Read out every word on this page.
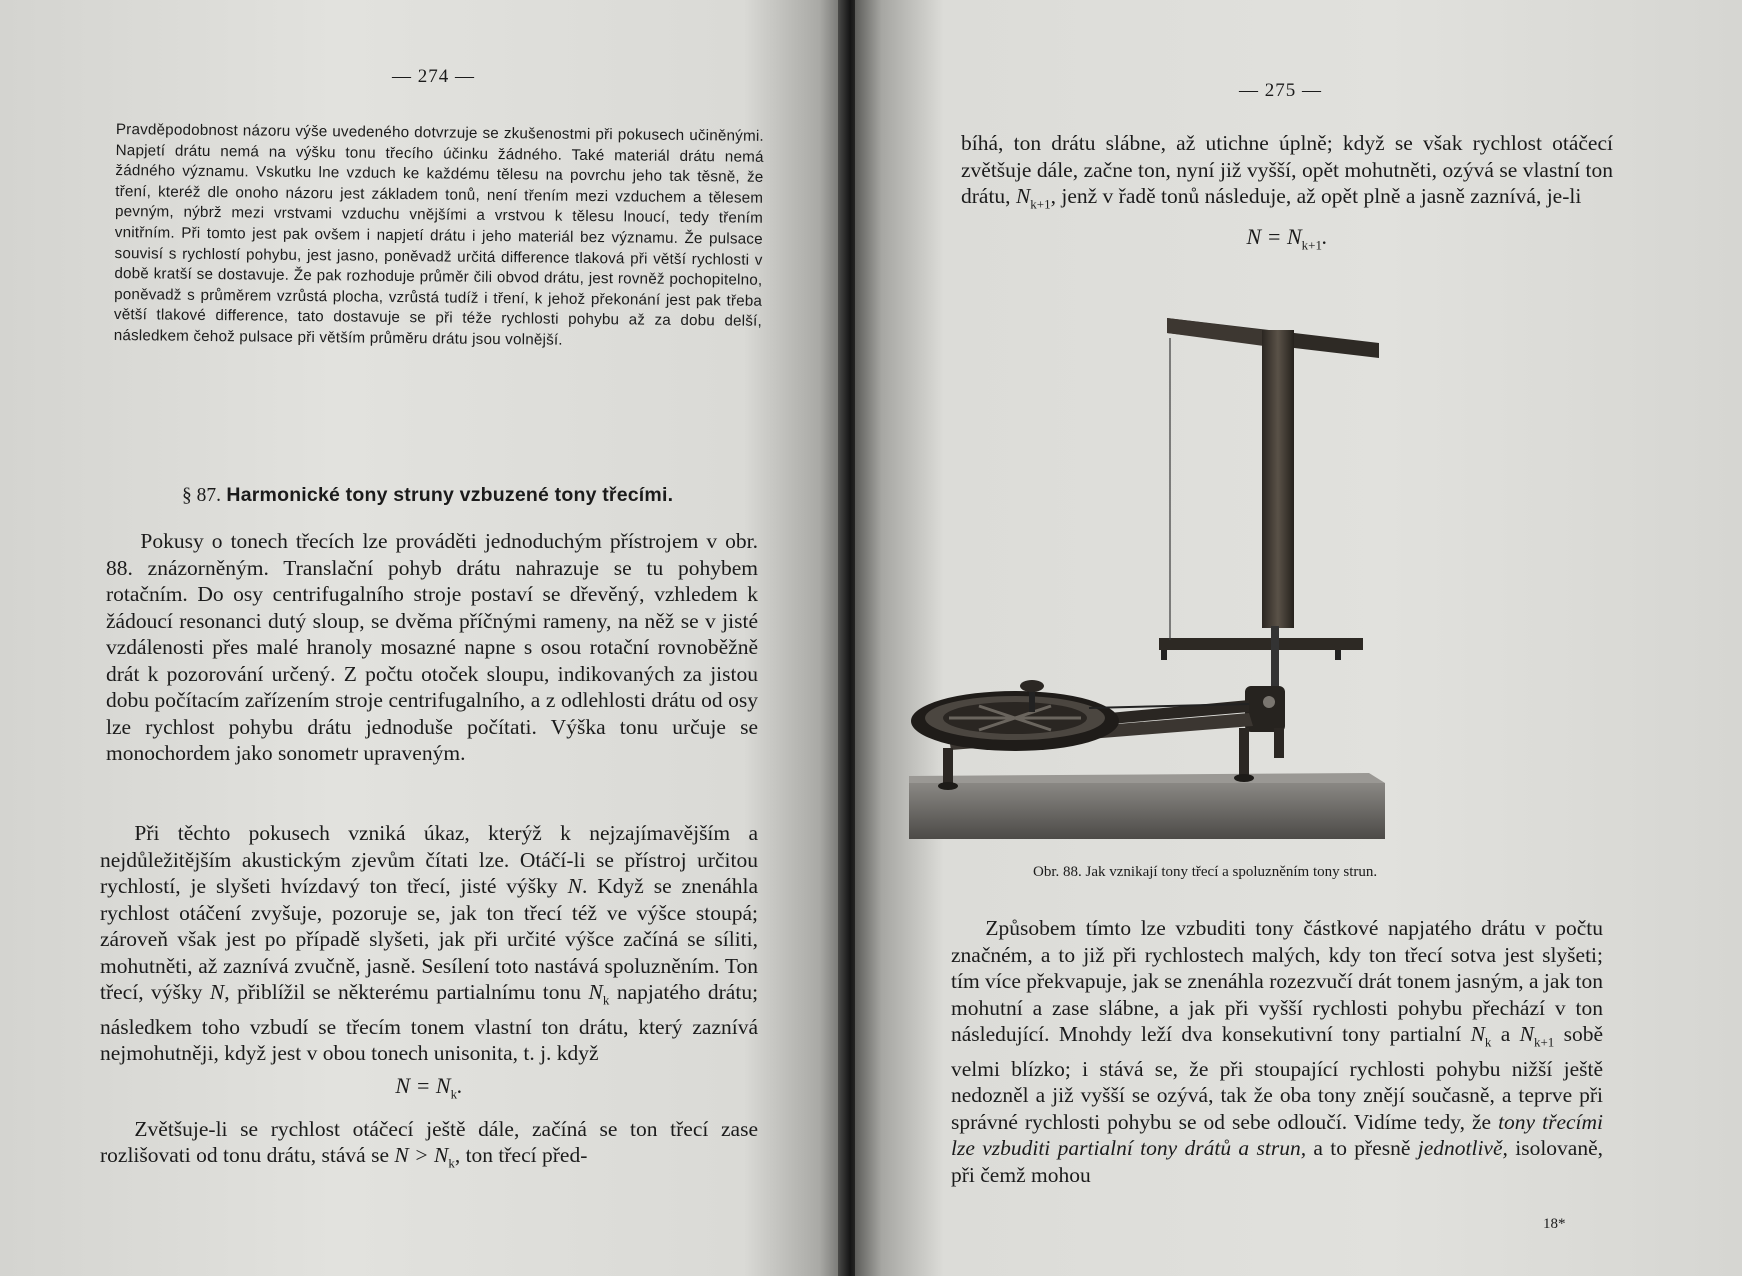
— 274 —
Pravděpodobnost názoru výše uvedeného dotvrzuje se zkušenostmi při pokusech učiněnými. Napjetí drátu nemá na výšku tonu třecího účinku žádného. Také materiál drátu nemá žádného významu. Vskutku lne vzduch ke každému tělesu na povrchu jeho tak těsně, že tření, kteréž dle onoho názoru jest základem tonů, není třením mezi vzduchem a tělesem pevným, nýbrž mezi vrstvami vzduchu vnějšími a vrstvou k tělesu lnoucí, tedy třením vnitřním. Při tomto jest pak ovšem i napjetí drátu i jeho materiál bez významu. Že pulsace souvisí s rychlostí pohybu, jest jasno, poněvadž určitá difference tlaková při větší rychlosti v době kratší se dostavuje. Že pak rozhoduje průměr čili obvod drátu, jest rovněž pochopitelno, poněvadž s průměrem vzrůstá plocha, vzrůstá tudíž i tření, k jehož překonání jest pak třeba větší tlakové difference, tato dostavuje se při téže rychlosti pohybu až za dobu delší, následkem čehož pulsace při větším průměru drátu jsou volnější.
§ 87. Harmonické tony struny vzbuzené tony třecími.

Pokusy o tonech třecích lze prováděti jednoduchým přístrojem v obr. 88. znázorněným. Translační pohyb drátu nahrazuje se tu pohybem rotačním. Do osy centrifugalního stroje postaví se dřevěný, vzhledem k žádoucí resonanci dutý sloup, se dvěma příčnými rameny, na něž se v jisté vzdálenosti přes malé hranoly mosazné napne s osou rotační rovnoběžně drát k pozorování určený. Z počtu otoček sloupu, indikovaných za jistou dobu počítacím zařízením stroje centrifugalního, a z odlehlosti drátu od osy lze rychlost pohybu drátu jednoduše počítati. Výška tonu určuje se monochordem jako sonometr upraveným.

Při těchto pokusech vzniká úkaz, kterýž k nejzajímavějším a nejdůležitějším akustickým zjevům čítati lze. Otáčí-li se přístroj určitou rychlostí, je slyšeti hvízdavý ton třecí, jisté výšky N. Když se znenáhla rychlost otáčení zvyšuje, pozoruje se, jak ton třecí též ve výšce stoupá; zároveň však jest po případě slyšeti, jak při určité výšce začíná se síliti, mohutněti, až zaznívá zvučně, jasně. Sesílení toto nastává spoluzněním. Ton třecí, výšky N, přiblížil se některému partialnímu tonu $N_k$ napjatého drátu; následkem toho vzbudí se třecím tonem vlastní ton drátu, který zaznívá nejmohutněji, když jest v obou tonech unisonita, t. j. když

$N = N_k$.

Zvětšuje-li se rychlost otáčecí ještě dále, začíná se ton třecí zase rozlišovati od tonu drátu, stává se $N > N_k$, ton třecí před-

— 275 —

bíhá, ton drátu slábne, až utichne úplně; když se však rychlost otáčecí zvětšuje dále, začne ton, nyní již vyšší, opět mohutněti, ozývá se vlastní ton drátu, $N_{k+1}$, jenž v řadě tonů následuje, až opět plně a jasně zaznívá, je-li

$N = N_{k+1}$.
Obr. 88. Jak vznikají tony třecí a spoluzněním tony strun.

Způsobem tímto lze vzbuditi tony částkové napjatého drátu v počtu značném, a to již při rychlostech malých, kdy ton třecí sotva jest slyšeti; tím více překvapuje, jak se znenáhla rozezvučí drát tonem jasným, a jak ton mohutní a zase slábne, a jak při vyšší rychlosti pohybu přechází v ton následující. Mnohdy leží dva konsekutivní tony partialní $N_k$ a $N_{k+1}$ sobě velmi blízko; i stává se, že při stoupající rychlosti pohybu nižší ještě nedozněl a již vyšší se ozývá, tak že oba tony znějí současně, a teprve při správné rychlosti pohybu se od sebe odloučí. Vidíme tedy, že tony třecími lze vzbuditi partialní tony drátů a strun, a to přesně jednotlivě, isolovaně, při čemž mohou

18*
